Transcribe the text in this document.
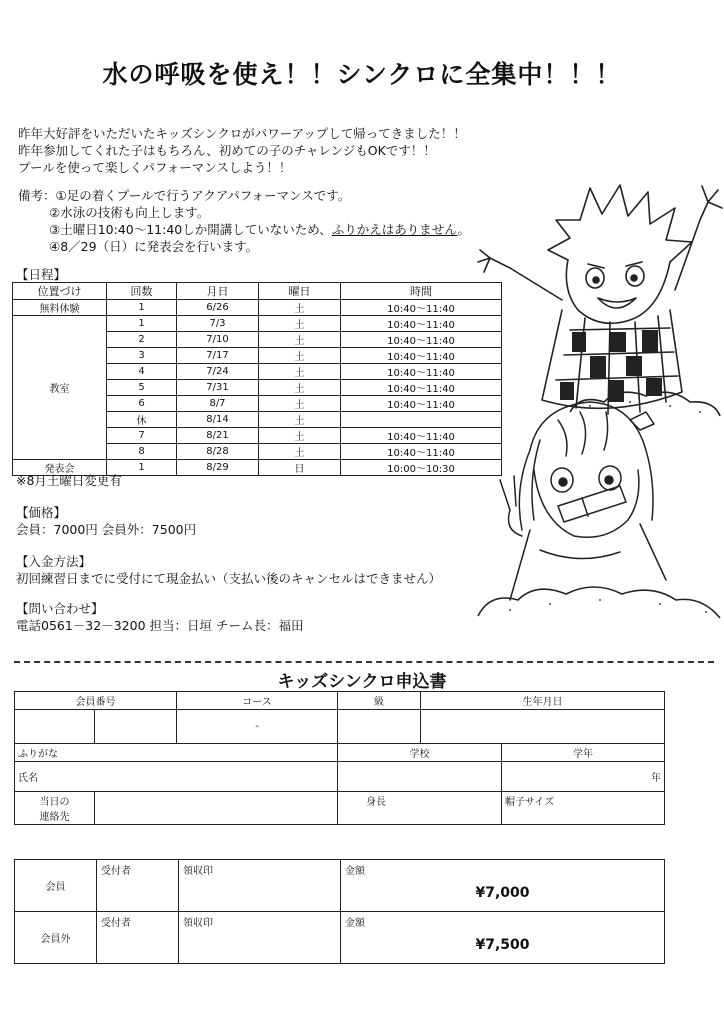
水の呼吸を使え！！シンクロに全集中！！！
昨年大好評をいただいたキッズシンクロがパワーアップして帰ってきました！！
昨年参加してくれた子はもちろん、初めての子のチャレンジもOKです！！
プールを使って楽しくパフォーマンスしよう！！
備考：①足の着くプールで行うアクアパフォーマンスです。
②水泳の技術も向上します。
③土曜日10:40～11:40しか開講していないため、ふりかえはありません。
④8／29（日）に発表会を行います。
【日程】
位置づけ	回数	月日	曜日	時間
無料体験	1	6/26	土	10:40～11:40
教室	1	7/3	土	10:40～11:40
	2	7/10	土	10:40～11:40
	3	7/17	土	10:40～11:40
	4	7/24	土	10:40～11:40
	5	7/31	土	10:40～11:40
	6	8/7	土	10:40～11:40
	休	8/14	土	
	7	8/21	土	10:40～11:40
	8	8/28	土	10:40～11:40
発表会	1	8/29	日	10:00～10:30
※8月土曜日変更有
【価格】
会員：7000円 会員外：7500円
【入金方法】
初回練習日までに受付にて現金払い（支払い後のキャンセルはできません）
【問い合わせ】
電話0561－32－3200 担当：日垣 チーム長：福田
キッズシンクロ申込書
会員番号		コース	級	生年月日	
		-			
ふりがな			学校		学年
氏名					年

当日の
連絡先			身長		帽子サイズ
会員	受付者	領収印	金額
¥7,000

会員外	受付者	領収印	金額
¥7,500
